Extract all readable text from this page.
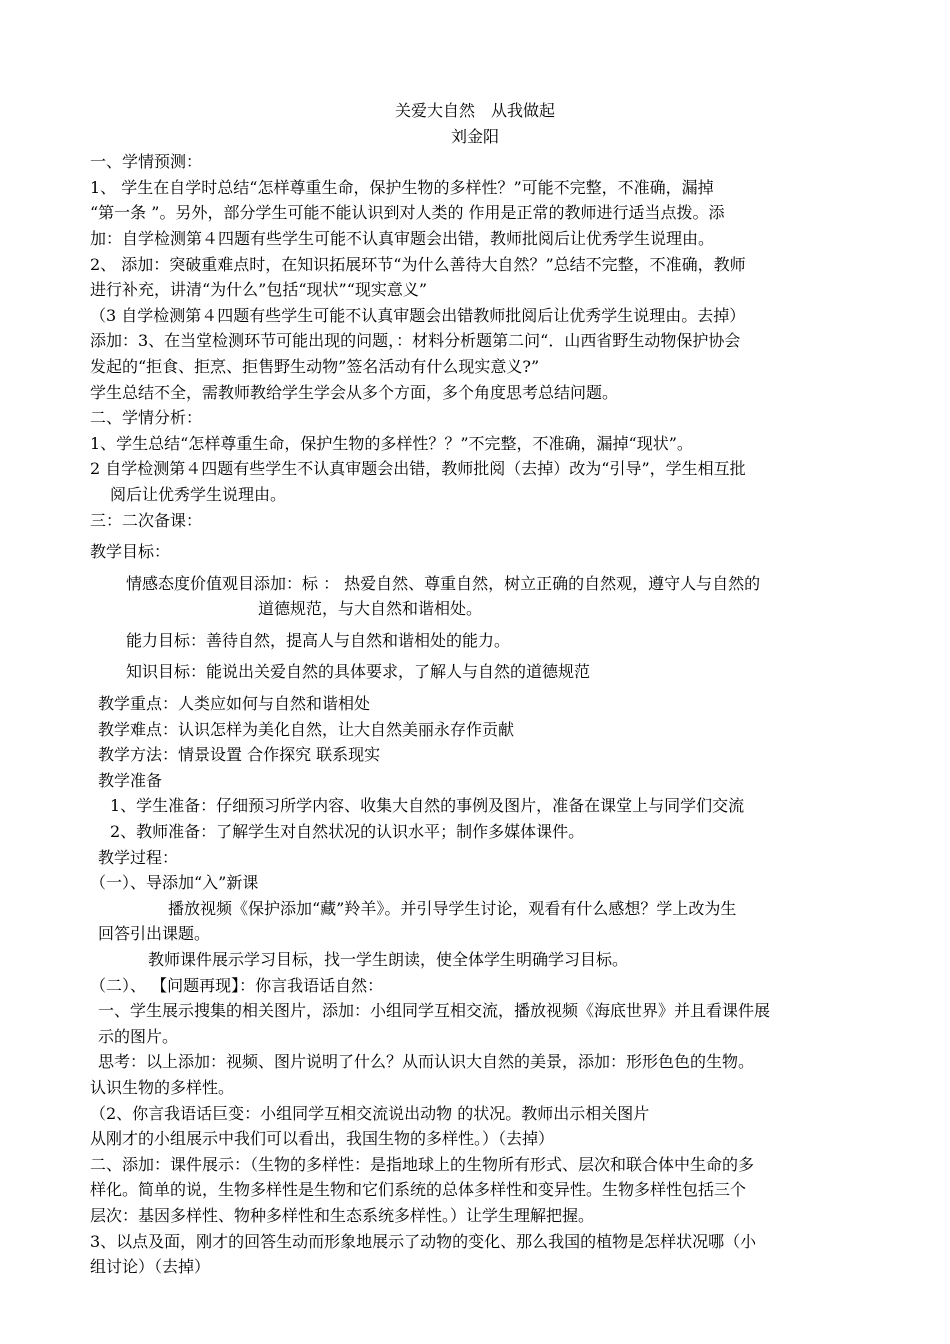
关爱大自然　从我做起
刘金阳
一、学情预测：
1、 学生在自学时总结“怎样尊重生命，保护生物的多样性？”可能不完整，不准确，漏掉
“第一条 ”。另外，部分学生可能不能认识到对人类的 作用是正常的教师进行适当点拨。添
加：自学检测第４四题有些学生可能不认真审题会出错，教师批阅后让优秀学生说理由。
2、 添加：突破重难点时，在知识拓展环节“为什么善待大自然？”总结不完整，不准确，教师
进行补充，讲清“为什么”包括“现状”“现实意义”
（3 自学检测第４四题有些学生可能不认真审题会出错教师批阅后让优秀学生说理由。去掉）
添加：3、在当堂检测环节可能出现的问题，：材料分析题第二问“．山西省野生动物保护协会
发起的“拒食、拒烹、拒售野生动物”签名活动有什么现实意义?”
学生总结不全，需教师教给学生学会从多个方面，多个角度思考总结问题。
二、学情分析：
1、学生总结“怎样尊重生命，保护生物的多样性？？”不完整，不准确，漏掉“现状”。
2 自学检测第４四题有些学生不认真审题会出错，教师批阅（去掉）改为“引导”，学生相互批
阅后让优秀学生说理由。
三：二次备课：
教学目标：
情感态度价值观目添加：标 ： 热爱自然、尊重自然，树立正确的自然观，遵守人与自然的
道德规范，与大自然和谐相处。
能力目标：善待自然，提高人与自然和谐相处的能力。
知识目标：能说出关爱自然的具体要求，了解人与自然的道德规范
教学重点：人类应如何与自然和谐相处
教学难点：认识怎样为美化自然，让大自然美丽永存作贡献
教学方法：情景设置 合作探究 联系现实
教学准备
1、学生准备：仔细预习所学内容、收集大自然的事例及图片，准备在课堂上与同学们交流
2、教师准备：了解学生对自然状况的认识水平；制作多媒体课件。
教学过程：
（一）、导添加“入”新课
播放视频《保护添加“藏”羚羊》。并引导学生讨论，观看有什么感想？学上改为生
回答引出课题。
教师课件展示学习目标，找一学生朗读，使全体学生明确学习目标。
（二）、 【问题再现】：你言我语话自然：
一、学生展示搜集的相关图片，添加：小组同学互相交流，播放视频《海底世界》并且看课件展
示的图片。
思考：以上添加：视频、图片说明了什么？从而认识大自然的美景，添加：形形色色的生物。
认识生物的多样性。
（2、你言我语话巨变：小组同学互相交流说出动物 的状况。教师出示相关图片
从刚才的小组展示中我们可以看出，我国生物的多样性。）（去掉）
二、添加：课件展示：（生物的多样性：是指地球上的生物所有形式、层次和联合体中生命的多
样化。简单的说，生物多样性是生物和它们系统的总体多样性和变异性。生物多样性包括三个
层次：基因多样性、物种多样性和生态系统多样性。）让学生理解把握。
3、以点及面，刚才的回答生动而形象地展示了动物的变化、那么我国的植物是怎样状况哪（小
组讨论）（去掉）
